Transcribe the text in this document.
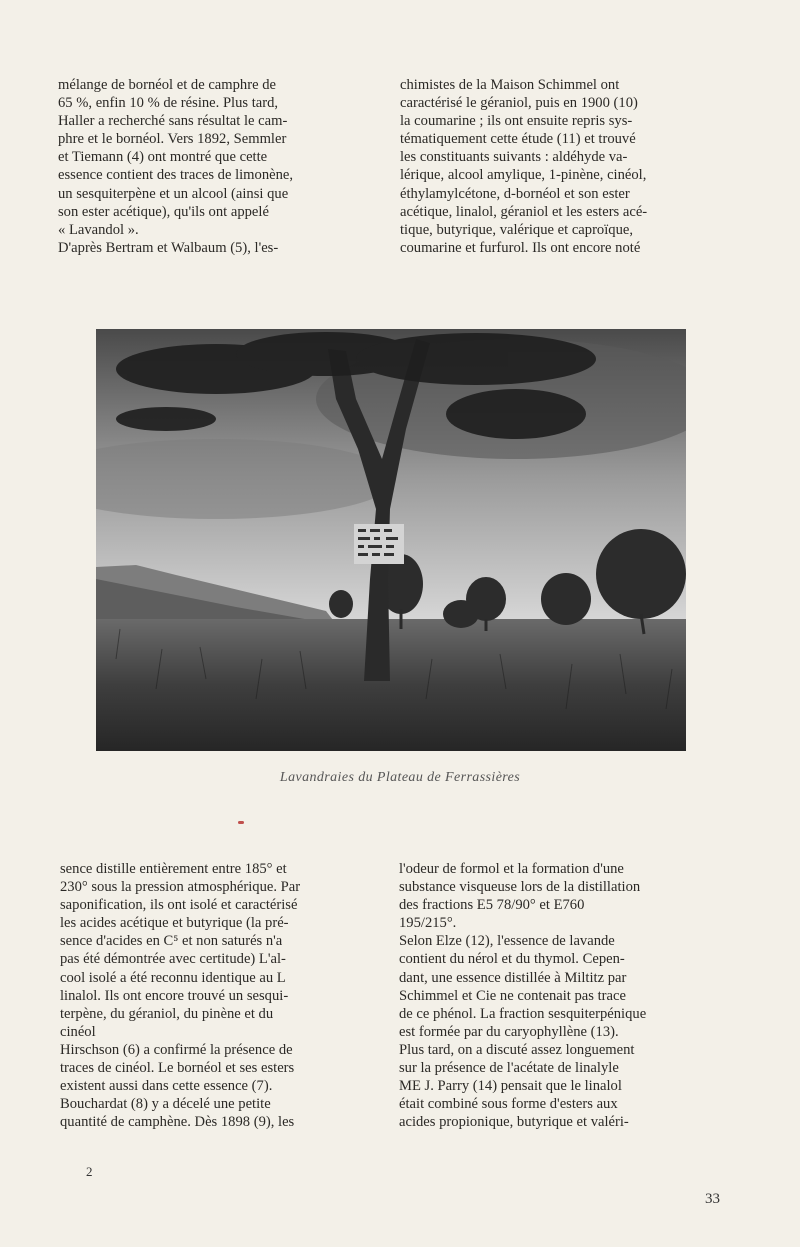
mélange de bornéol et de camphre de

65 %, enfin 10 % de résine. Plus tard,

Haller a recherché sans résultat le cam-

phre et le bornéol. Vers 1892, Semmler

et Tiemann (4) ont montré que cette

essence contient des traces de limonène,

un sesquiterpène et un alcool (ainsi que

son ester acétique), qu'ils ont appelé

« Lavandol ».

D'après Bertram et Walbaum (5), l'es-

chimistes de la Maison Schimmel ont

caractérisé le géraniol, puis en 1900 (10)

la coumarine ; ils ont ensuite repris sys-

tématiquement cette étude (11) et trouvé

les constituants suivants : aldéhyde va-

lérique, alcool amylique, 1-pinène, cinéol,

éthylamylcétone, d-bornéol et son ester

acétique, linalol, géraniol et les esters acé-

tique, butyrique, valérique et caproïque,

coumarine et furfurol. Ils ont encore noté

Lavandraies du Plateau de Ferrassières

sence distille entièrement entre 185° et

230° sous la pression atmosphérique. Par

saponification, ils ont isolé et caractérisé

les acides acétique et butyrique (la pré-

sence d'acides en C⁵ et non saturés n'a

pas été démontrée avec certitude) L'al-

cool isolé a été reconnu identique au L

linalol. Ils ont encore trouvé un sesqui-

terpène, du géraniol, du pinène et du

cinéol

Hirschson (6) a confirmé la présence de

traces de cinéol. Le bornéol et ses esters

existent aussi dans cette essence (7).

Bouchardat (8) y a décelé une petite

quantité de camphène. Dès 1898 (9), les

l'odeur de formol et la formation d'une

substance visqueuse lors de la distillation

des fractions E5 78/90° et E760

195/215°.

Selon Elze (12), l'essence de lavande

contient du nérol et du thymol. Cepen-

dant, une essence distillée à Miltitz par

Schimmel et Cie ne contenait pas trace

de ce phénol. La fraction sesquiterpénique

est formée par du caryophyllène (13).

Plus tard, on a discuté assez longuement

sur la présence de l'acétate de linalyle

ME J. Parry (14) pensait que le linalol

était combiné sous forme d'esters aux

acides propionique, butyrique et valéri-

2
33
